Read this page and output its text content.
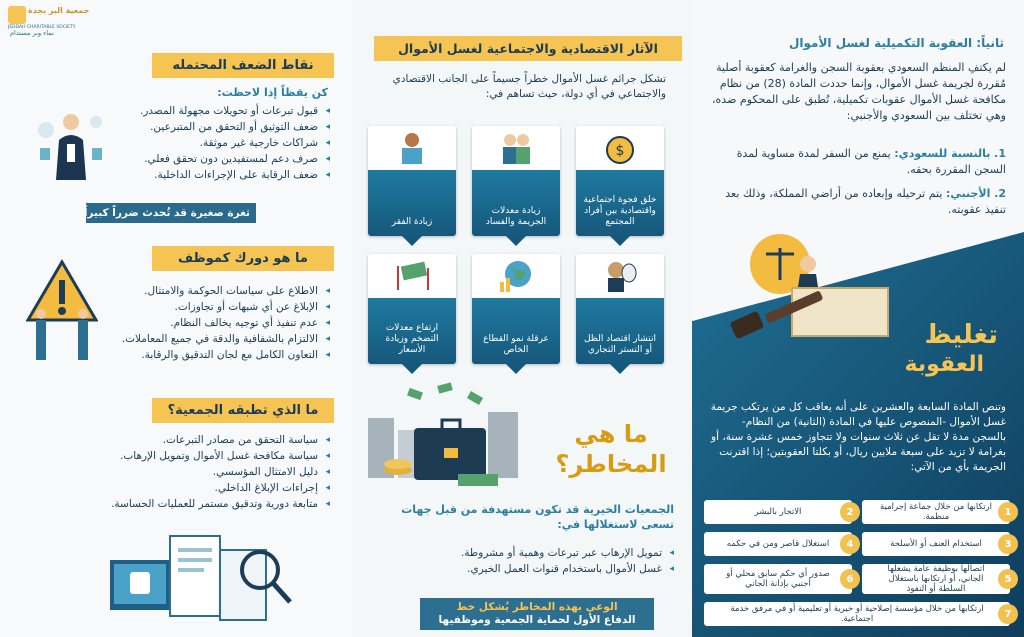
جمعية البر بجدة
JEDDAH CHARITABLE SOCIETY
نماء وبر مستدام
نقاط الضعف المحتمله
كن يقظاً إذا لاحظت:
◂ قبول تبرعات أو تحويلات مجهولة المصدر.
◂ ضعف التوثيق أو التحقق من المتبرعين.
◂ شراكات خارجية غير موثقة.
◂ صرف دعم لمستفيدين دون تحقق فعلي.
◂ ضعف الرقابة على الإجراءات الداخلية.
ثغرة صغيرة قد تُحدث ضرراً كبيراً
ما هو دورك كموظف
◂ الاطلاع على سياسات الحوكمة والامتثال.
◂ الإبلاغ عن أي شبهات أو تجاوزات.
◂ عدم تنفيذ أي توجيه يخالف النظام.
◂ الالتزام بالشفافية والدقة في جميع المعاملات.
◂ التعاون الكامل مع لجان التدقيق والرقابة.
ما الذي تطبقه الجمعية؟
◂ سياسة التحقق من مصادر التبرعات.
◂ سياسة مكافحة غسل الأموال وتمويل الإرهاب.
◂ دليل الامتثال المؤسسي.
◂ إجراءات الإبلاغ الداخلي.
◂ متابعة دورية وتدقيق مستمر للعمليات الحساسة.
الآثار الاقتصادية والاجتماعية لغسل الأموال
تشكل جرائم غسل الأموال خطراً جسيماً على الجانب الاقتصادي والاجتماعي في أي دولة، حيث تساهم في:
$
خلق فجوة اجتماعية واقتصادية بين أفراد المجتمع
زيادة معدلات الجريمة والفساد
زيادة الفقر
انتشار اقتصاد الظل أو التستر التجاري
عرقلة نمو القطاع الخاص
ارتفاع معدلات التضخم وزيادة الأسعار
ما هي
المخاطر؟
الجمعيات الخيرية قد تكون مستهدفة من قبل جهات تسعى لاستغلالها في:
◂ تمويل الإرهاب عبر تبرعات وهمية أو مشروطة.
◂ غسل الأموال باستخدام قنوات العمل الخيري.
الوعي بهذه المخاطر يُشكل خط
الدفاع الأول لحماية الجمعية وموظفيها
ثانياً: العقوبة التكميلية لغسل الأموال
لم يكتفِ المنظم السعودي بعقوبة السجن والغرامة كعقوبة أصلية مُقررة لجريمة غسل الأموال، وإنما حددت المادة (28) من نظام مكافحة غسل الأموال عقوبات تكميلية، تُطبق على المحكوم ضده، وهي تختلف بين السعودي والأجنبي:
1. بالنسبة للسعودي: يمنع من السفر لمدة مساوية لمدة السجن المقررة بحقه.
2. الأجنبي: يتم ترحيله وإبعاده من أراضي المملكة، وذلك بعد تنفيذ عقوبته.
تغليظ
العقوبة
وتنص المادة السابعة والعشرين على أنه يعاقب كل من يرتكب جريمة غسل الأموال -المنصوص عليها في المادة (الثانية) من النظام- بالسجن مدة لا تقل عن ثلاث سنوات ولا تتجاوز خمس عشرة سنة، أو بغرامة لا تزيد على سبعة ملايين ريال، أو بكلتا العقوبتين؛ إذا اقترنت الجريمة بأي من الآتي:
ارتكابها من خلال جماعة إجرامية منظمة.	1
الاتجار بالبشر	2
استخدام العنف أو الأسلحة	3
استغلال قاصر ومن في حكمه	4
اتصالها بوظيفة عامة يشغلها الجاني، أو ارتكابها باستغلال السلطة أو النفوذ
5
صدور أي حكم سابق محلي أو أجنبي بإدانة الجاني	6
ارتكابها من خلال مؤسسة إصلاحية أو خيرية أو تعليمية أو في مرفق خدمة اجتماعية.	7
